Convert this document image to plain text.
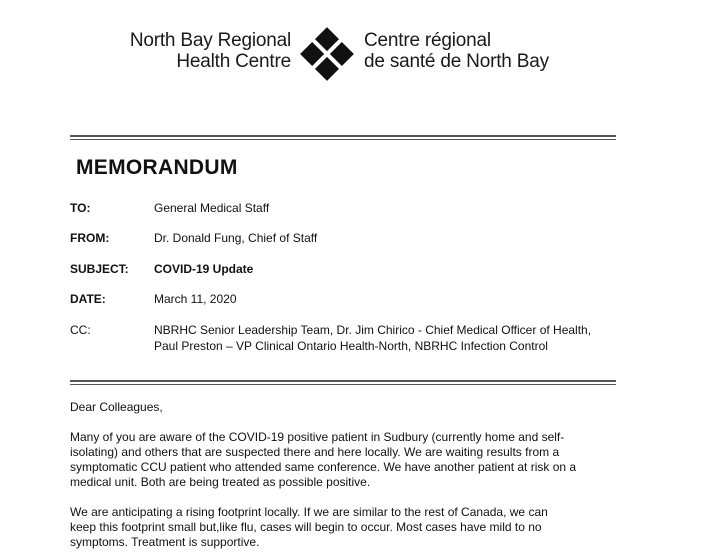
North Bay Regional
Health Centre
Centre régional
de santé de North Bay
MEMORANDUM
TO:	General Medical Staff
FROM:	Dr. Donald Fung, Chief of Staff
SUBJECT: COVID-19 Update
DATE:	March 11, 2020
CC:	NBRHC Senior Leadership Team, Dr. Jim Chirico - Chief Medical Officer of Health,
Paul Preston – VP Clinical Ontario Health-North, NBRHC Infection Control
Dear Colleagues,
Many of you are aware of the COVID-19 positive patient in Sudbury (currently home and self-
isolating) and others that are suspected there and here locally. We are waiting results from a
symptomatic CCU patient who attended same conference. We have another patient at risk on a
medical unit. Both are being treated as possible positive.
We are anticipating a rising footprint locally. If we are similar to the rest of Canada, we can
keep this footprint small but,like flu, cases will begin to occur. Most cases have mild to no
symptoms. Treatment is supportive.
